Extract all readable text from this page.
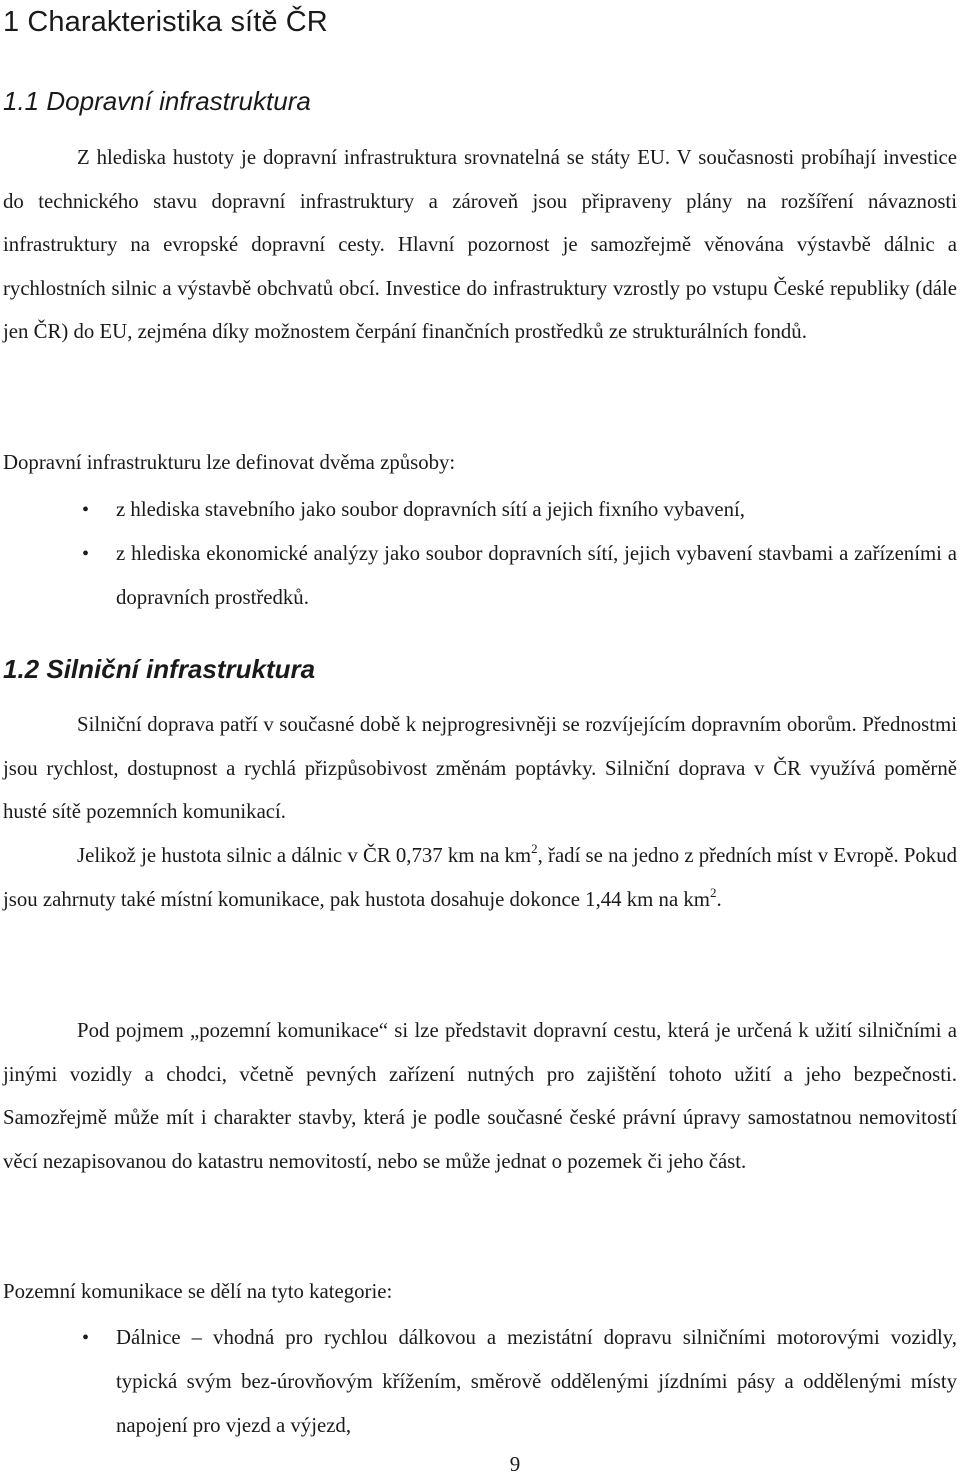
1 Charakteristika sítě ČR
1.1 Dopravní infrastruktura

Z hlediska hustoty je dopravní infrastruktura srovnatelná se státy EU. V současnosti probíhají investice do technického stavu dopravní infrastruktury a zároveň jsou připraveny plány na rozšíření návaznosti infrastruktury na evropské dopravní cesty. Hlavní pozornost je samozřejmě věnována výstavbě dálnic a rychlostních silnic a výstavbě obchvatů obcí. Investice do infrastruktury vzrostly po vstupu České republiky (dále jen ČR) do EU, zejména díky možnostem čerpání finančních prostředků ze strukturálních fondů.

Dopravní infrastrukturu lze definovat dvěma způsoby:

• z hlediska stavebního jako soubor dopravních sítí a jejich fixního vybavení,
• z hlediska ekonomické analýzy jako soubor dopravních sítí, jejich vybavení stavbami a zařízeními a dopravních prostředků.
1.2 Silniční infrastruktura

Silniční doprava patří v současné době k nejprogresivněji se rozvíjejícím dopravním oborům. Přednostmi jsou rychlost, dostupnost a rychlá přizpůsobivost změnám poptávky. Silniční doprava v ČR využívá poměrně husté sítě pozemních komunikací.

Jelikož je hustota silnic a dálnic v ČR 0,737 km na $km^2$, řadí se na jedno z předních míst v Evropě. Pokud jsou zahrnuty také místní komunikace, pak hustota dosahuje dokonce 1,44 km na $km^2$.

Pod pojmem „pozemní komunikace“ si lze představit dopravní cestu, která je určená k užití silničními a jinými vozidly a chodci, včetně pevných zařízení nutných pro zajištění tohoto užití a jeho bezpečnosti. Samozřejmě může mít i charakter stavby, která je podle současné české právní úpravy samostatnou nemovitostí věcí nezapisovanou do katastru nemovitostí, nebo se může jednat o pozemek či jeho část.

Pozemní komunikace se dělí na tyto kategorie:

• Dálnice – vhodná pro rychlou dálkovou a mezistátní dopravu silničními motorovými vozidly, typická svým bez-úrovňovým křížením, směrově oddělenými jízdními pásy a oddělenými místy napojení pro vjezd a výjezd,
9
